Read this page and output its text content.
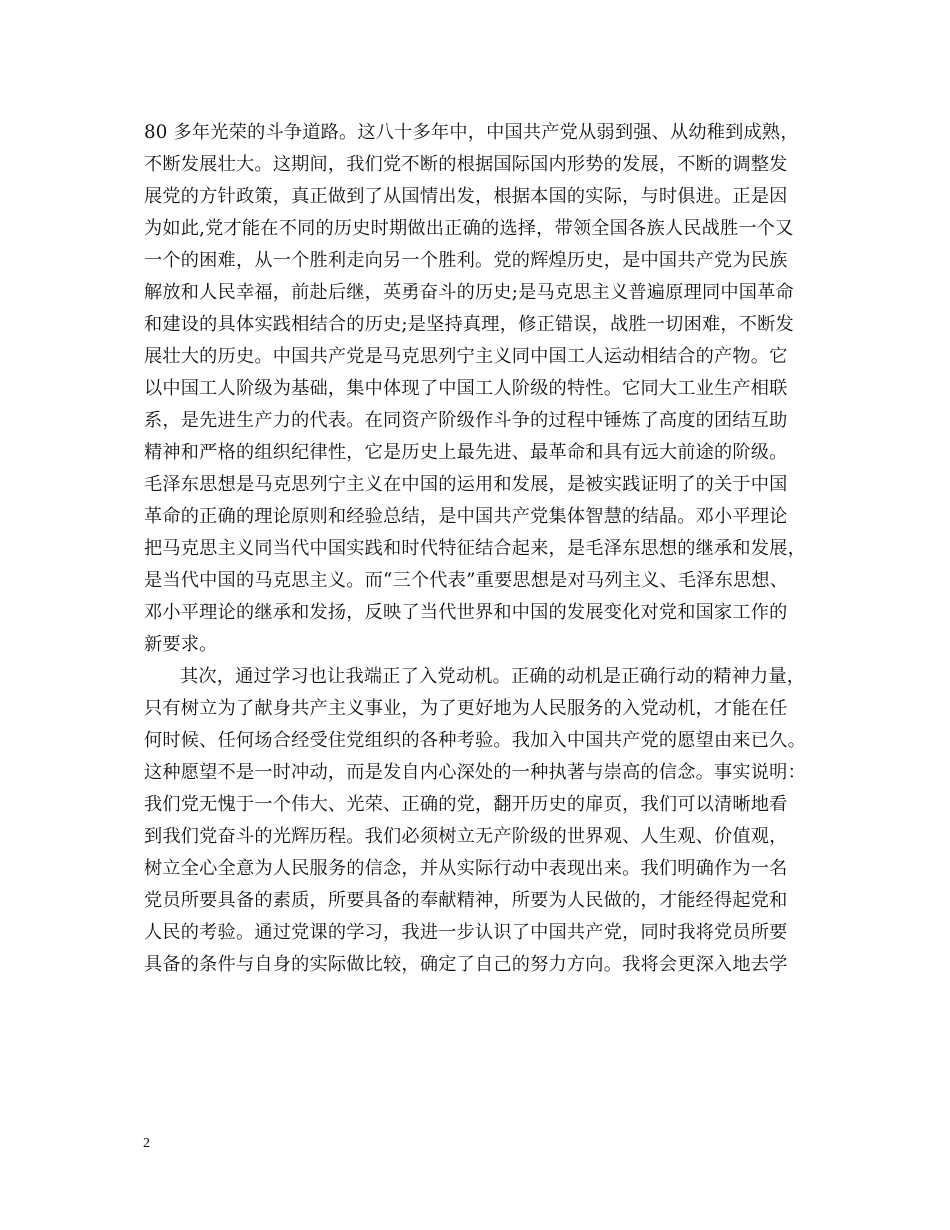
80 多年光荣的斗争道路。这八十多年中，中国共产党从弱到强、从幼稚到成熟，
不断发展壮大。这期间，我们党不断的根据国际国内形势的发展，不断的调整发
展党的方针政策，真正做到了从国情出发，根据本国的实际，与时俱进。正是因
为如此,党才能在不同的历史时期做出正确的选择，带领全国各族人民战胜一个又
一个的困难，从一个胜利走向另一个胜利。党的辉煌历史，是中国共产党为民族
解放和人民幸福，前赴后继，英勇奋斗的历史;是马克思主义普遍原理同中国革命
和建设的具体实践相结合的历史;是坚持真理，修正错误，战胜一切困难，不断发
展壮大的历史。中国共产党是马克思列宁主义同中国工人运动相结合的产物。它
以中国工人阶级为基础，集中体现了中国工人阶级的特性。它同大工业生产相联
系，是先进生产力的代表。在同资产阶级作斗争的过程中锤炼了高度的团结互助
精神和严格的组织纪律性，它是历史上最先进、最革命和具有远大前途的阶级。
毛泽东思想是马克思列宁主义在中国的运用和发展，是被实践证明了的关于中国
革命的正确的理论原则和经验总结，是中国共产党集体智慧的结晶。邓小平理论
把马克思主义同当代中国实践和时代特征结合起来，是毛泽东思想的继承和发展，
是当代中国的马克思主义。而“三个代表”重要思想是对马列主义、毛泽东思想、
邓小平理论的继承和发扬，反映了当代世界和中国的发展变化对党和国家工作的
新要求。
其次，通过学习也让我端正了入党动机。正确的动机是正确行动的精神力量，
只有树立为了献身共产主义事业，为了更好地为人民服务的入党动机，才能在任
何时候、任何场合经受住党组织的各种考验。我加入中国共产党的愿望由来已久。
这种愿望不是一时冲动，而是发自内心深处的一种执著与崇高的信念。事实说明：
我们党无愧于一个伟大、光荣、正确的党，翻开历史的扉页，我们可以清晰地看
到我们党奋斗的光辉历程。我们必须树立无产阶级的世界观、人生观、价值观，
树立全心全意为人民服务的信念，并从实际行动中表现出来。我们明确作为一名
党员所要具备的素质，所要具备的奉献精神，所要为人民做的，才能经得起党和
人民的考验。通过党课的学习，我进一步认识了中国共产党，同时我将党员所要
具备的条件与自身的实际做比较，确定了自己的努力方向。我将会更深入地去学
2
